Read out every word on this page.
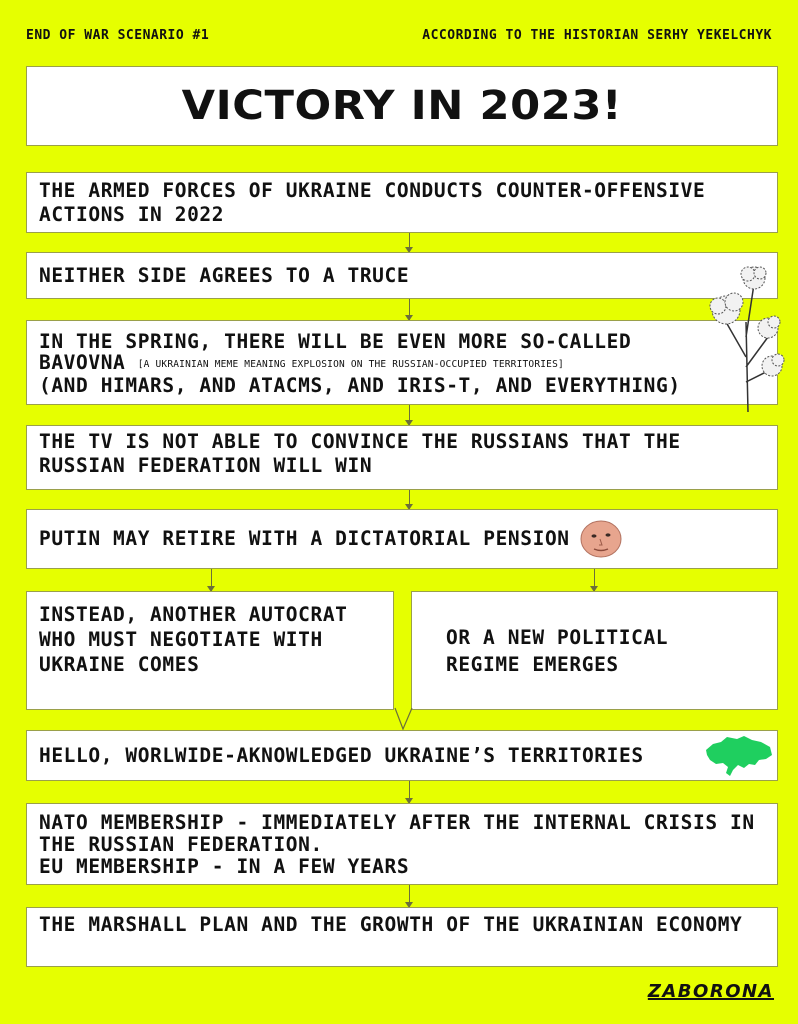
END OF WAR SCENARIO #1	ACCORDING TO THE HISTORIAN SERHY YEKELCHYK
VICTORY IN 2023!
THE ARMED FORCES OF UKRAINE CONDUCTS COUNTER-OFFENSIVE ACTIONS IN 2022
NEITHER SIDE AGREES TO A TRUCE
IN THE SPRING, THERE WILL BE EVEN MORE SO-CALLED
BAVOVNA [A UKRAINIAN MEME MEANING EXPLOSION ON THE RUSSIAN-OCCUPIED TERRITORIES]
(AND HIMARS, AND ATACMS, AND IRIS-T, AND EVERYTHING)
THE TV IS NOT ABLE TO CONVINCE THE RUSSIANS THAT THE RUSSIAN FEDERATION WILL WIN
PUTIN MAY RETIRE WITH A DICTATORIAL PENSION
INSTEAD, ANOTHER AUTOCRAT WHO MUST NEGOTIATE WITH UKRAINE COMES
OR A NEW POLITICAL REGIME EMERGES
HELLO, WORLWIDE-AKNOWLEDGED UKRAINE’S TERRITORIES
NATO MEMBERSHIP - IMMEDIATELY AFTER THE INTERNAL CRISIS IN THE RUSSIAN FEDERATION.
EU MEMBERSHIP - IN A FEW YEARS
THE MARSHALL PLAN AND THE GROWTH OF THE UKRAINIAN ECONOMY
ZABORONA
